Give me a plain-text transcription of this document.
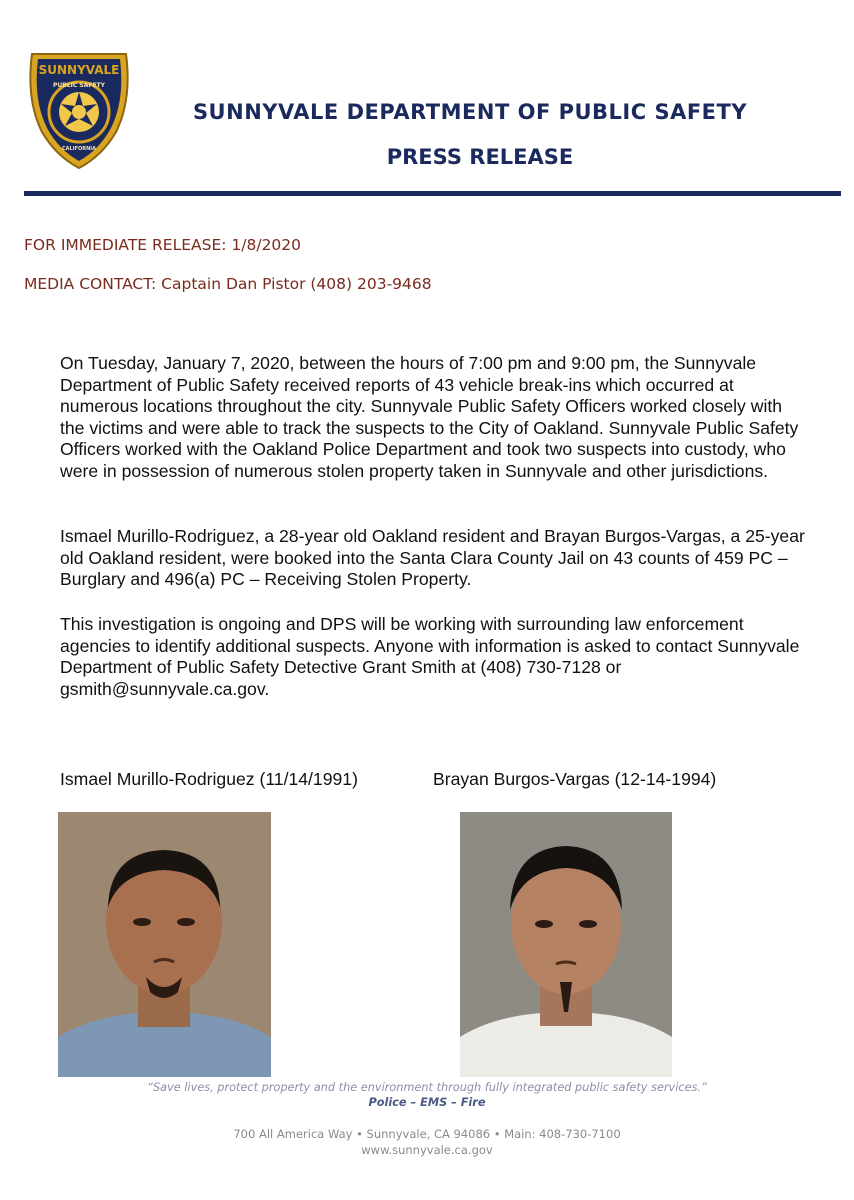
SUNNYVALE
PUBLIC SAFETY
CALIFORNIA
SUNNYVALE DEPARTMENT OF PUBLIC SAFETY
PRESS RELEASE
FOR IMMEDIATE RELEASE: 1/8/2020
MEDIA CONTACT: Captain Dan Pistor (408) 203-9468
On Tuesday, January 7, 2020, between the hours of 7:00 pm and 9:00 pm, the Sunnyvale Department of Public Safety received reports of 43 vehicle break-ins which occurred at numerous locations throughout the city. Sunnyvale Public Safety Officers worked closely with the victims and were able to track the suspects to the City of Oakland. Sunnyvale Public Safety Officers worked with the Oakland Police Department and took two suspects into custody, who were in possession of numerous stolen property taken in Sunnyvale and other jurisdictions.
Ismael Murillo-Rodriguez, a 28-year old Oakland resident and Brayan Burgos-Vargas, a 25-year old Oakland resident, were booked into the Santa Clara County Jail on 43 counts of 459 PC – Burglary and 496(a) PC – Receiving Stolen Property.
This investigation is ongoing and DPS will be working with surrounding law enforcement agencies to identify additional suspects. Anyone with information is asked to contact Sunnyvale Department of Public Safety Detective Grant Smith at (408) 730-7128 or gsmith@sunnyvale.ca.gov.
Ismael Murillo-Rodriguez (11/14/1991)	Brayan Burgos-Vargas (12-14-1994)
“Save lives, protect property and the environment through fully integrated public safety services.”
Police – EMS – Fire
700 All America Way • Sunnyvale, CA 94086 • Main: 408-730-7100
www.sunnyvale.ca.gov
